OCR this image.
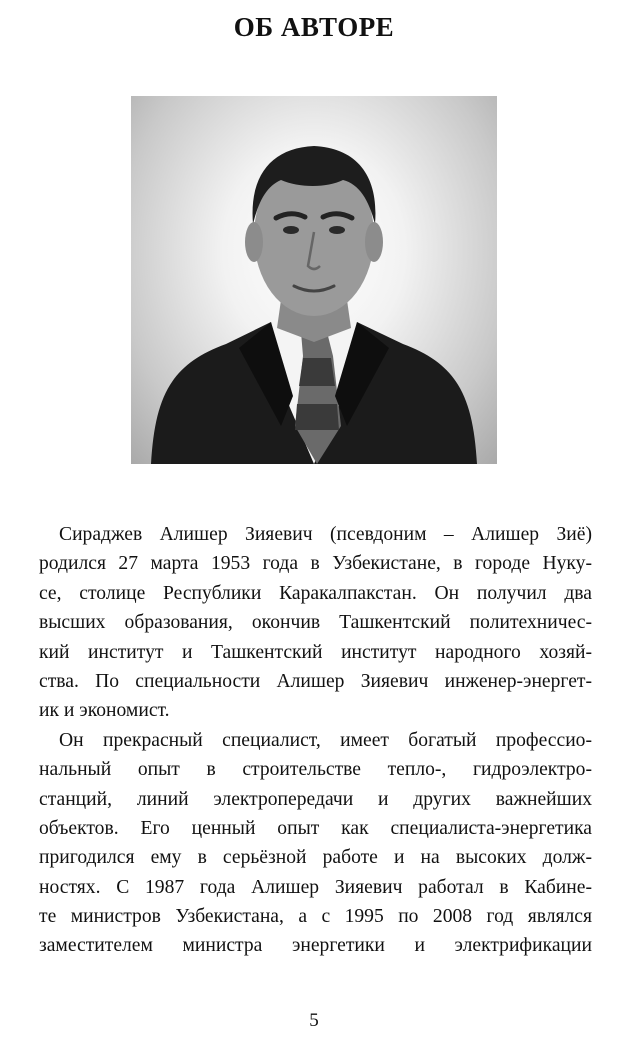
ОБ АВТОРЕ
Сираджев Алишер Зияевич (псевдоним – Алишер Зиё)
родился 27 марта 1953 года в Узбекистане, в городе Нуку-
се, столице Республики Каракалпакстан. Он получил два
высших образования, окончив Ташкентский политехничес-
кий институт и Ташкентский институт народного хозяй-
ства. По специальности Алишер Зияевич инженер-энергет-
ик и экономист.
Он прекрасный специалист, имеет богатый профессио-
нальный опыт в строительстве тепло-, гидроэлектро-
станций, линий электропередачи и других важнейших
объектов. Его ценный опыт как специалиста-энергетика
пригодился ему в серьёзной работе и на высоких долж-
ностях. С 1987 года Алишер Зияевич работал в Кабине-
те министров Узбекистана, а с 1995 по 2008 год являлся
заместителем министра энергетики и электрификации
5
